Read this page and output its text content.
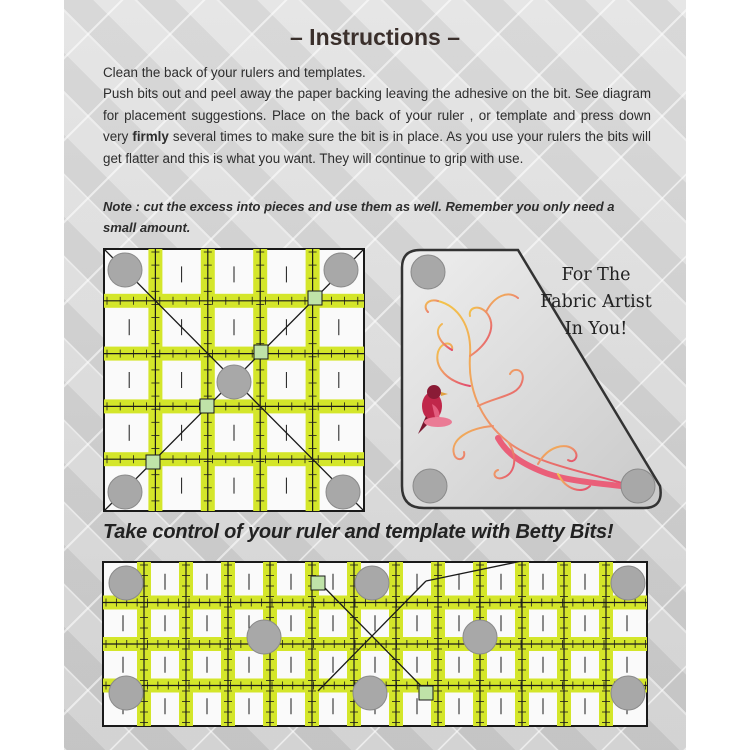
– Instructions –

Clean the back of your rulers and templates.

Push bits out and peel away the paper backing leaving the adhesive on the bit. See diagram for placement suggestions. Place on the back of your ruler , or template and press down very firmly several times to make sure the bit is in place. As you use your rulers the bits will get flatter and this is what you want. They will continue to grip with use.

Note : cut the excess into pieces and use them as well. Remember you only need a small amount.
For The
Fabric Artist
In You!
Take control of your ruler and template with Betty Bits!
